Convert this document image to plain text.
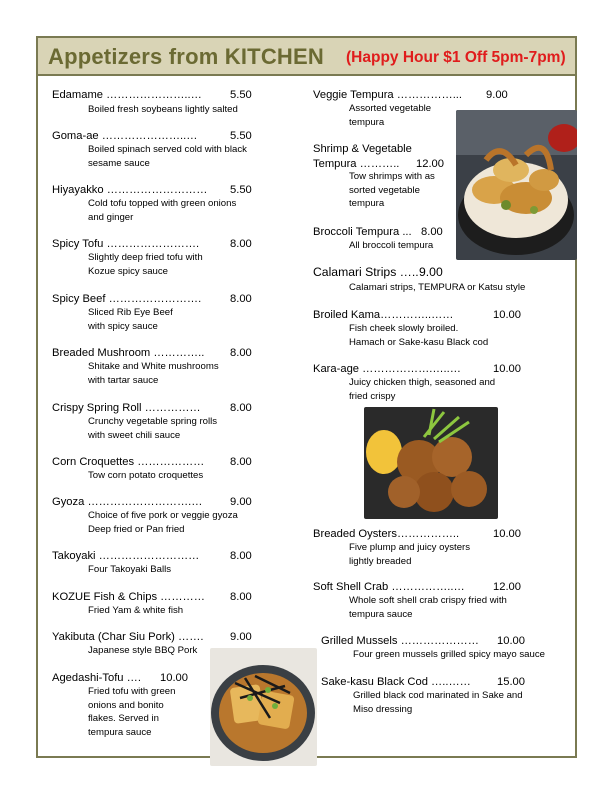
Appetizers from KITCHEN (Happy Hour $1 Off 5pm-7pm)
Edamame …………………..…	5.50
Boiled fresh soybeans lightly salted
Goma-ae …………………..…	5.50
Boiled spinach served cold with black
sesame sauce
Hiyayakko ……………………… 5.50
Cold tofu topped with green onions
and ginger
Spicy Tofu …………………….	8.00
Slightly deep fried tofu with
Kozue spicy sauce
Spicy Beef …………………….	8.00
Sliced Rib Eye Beef
with spicy sauce
Breaded Mushroom ………….. 8.00
Shitake and White mushrooms
with tartar sauce
Crispy Spring Roll ……………	8.00
Crunchy vegetable spring rolls
with sweet chili sauce
Corn Croquettes ……………… 8.00
Tow corn potato croquettes
Gyoza ……………………….… 9.00
Choice of five pork or veggie gyoza
Deep fried or Pan fried
Takoyaki ………………………	8.00
Four Takoyaki Balls
KOZUE Fish & Chips ………… 8.00
Fried Yam & white fish
Yakibuta (Char Siu Pork) ……. 9.00
Japanese style BBQ Pork
Agedashi-Tofu …. 10.00
Fried tofu with green
onions and bonito
flakes. Served in
tempura sauce
Veggie Tempura ……………... 9.00
Assorted vegetable
tempura
Shrimp & Vegetable
Tempura ………..	12.00
Tow shrimps with as
sorted vegetable
tempura
Broccoli Tempura ... 8.00
All broccoli tempura
Calamari Strips ….. 9.00
Calamari strips, TEMPURA or Katsu style
Broiled Kama…………..……	10.00
Fish cheek slowly broiled.
Hamach or Sake-kasu Black cod
Kara-age ……………….…..…	10.00
Juicy chicken thigh, seasoned and
fried crispy
Breaded Oysters……………..	10.00
Five plump and juicy oysters
lightly breaded
Soft Shell Crab ……………..…	12.00
Whole soft shell crab crispy fried with
tempura sauce
Grilled Mussels ………………… 10.00
Four green mussels grilled spicy mayo sauce
Sake-kasu Black Cod …..…… 15.00
Grilled black cod marinated in Sake and
Miso dressing
